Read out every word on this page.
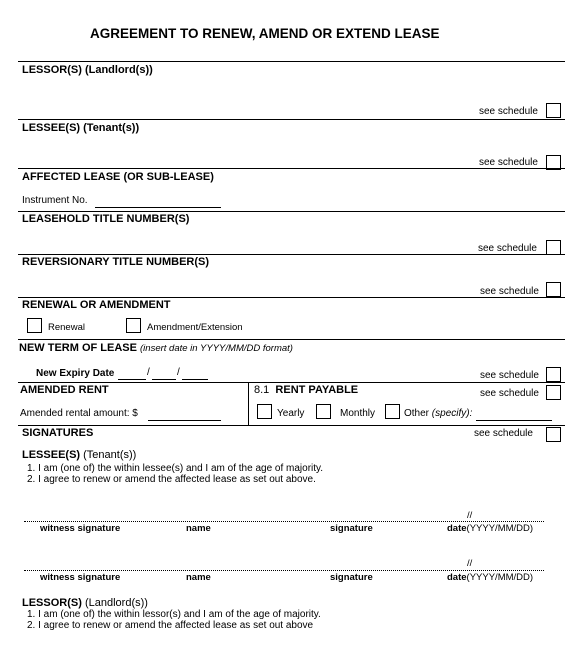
AGREEMENT TO RENEW, AMEND OR EXTEND LEASE
LESSOR(S) (Landlord(s))
see schedule
LESSEE(S) (Tenant(s))
see schedule
AFFECTED LEASE (OR SUB-LEASE)
Instrument No.
LEASEHOLD TITLE NUMBER(S)
see schedule
REVERSIONARY TITLE NUMBER(S)
see schedule
RENEWAL OR AMENDMENT
Renewal	Amendment/Extension
NEW TERM OF LEASE (insert date in YYYY/MM/DD format)
New Expiry Date	/	/	see schedule
AMENDED RENT
Amended rental amount: $
8.1 RENT PAYABLE	see schedule
Yearly	Monthly	Other (specify):
SIGNATURES	see schedule
LESSEE(S) (Tenant(s))
1. I am (one of) the within lessee(s) and I am of the age of majority.
2. I agree to renew or amend the affected lease as set out above.
//
witness signature	name	signature	date(YYYY/MM/DD)
//
witness signature	name	signature	date(YYYY/MM/DD)
LESSOR(S) (Landlord(s))
1. I am (one of) the within lessor(s) and I am of the age of majority.
2. I agree to renew or amend the affected lease as set out above
